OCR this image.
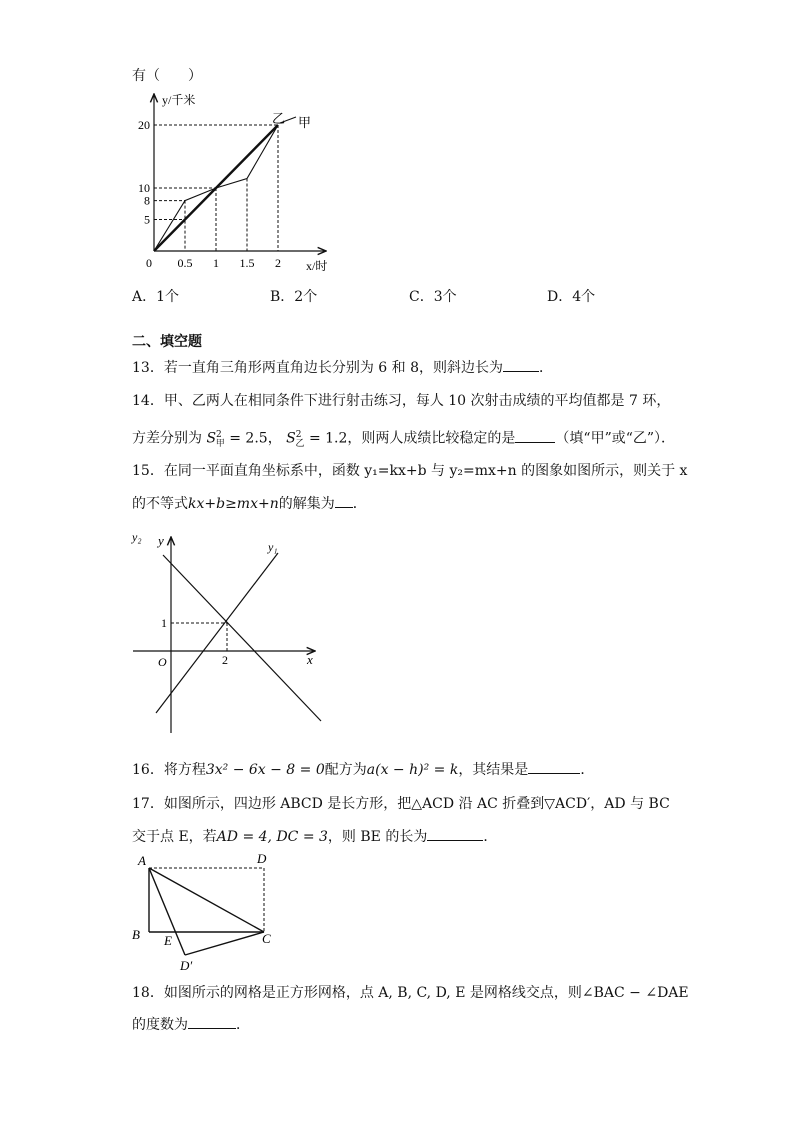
有（　　）
5
8
10
20
0.5 1 1.5 2
乙 甲
0
y/千米
x/时
A．1个	B．2个	C．3个	D．4个
二、填空题
13．若一直角三角形两直角边长分别为 6 和 8，则斜边长为	．
14．甲、乙两人在相同条件下进行射击练习，每人 10 次射击成绩的平均值都是 7 环，
方差分别为 $S^2_甲 = 2.5$， $S^2_乙 = 1.2$，则两人成绩比较稳定的是	（填“甲”或“乙”）．
15．在同一平面直角坐标系中，函数 y₁=kx+b 与 y₂=mx+n 的图象如图所示，则关于 x
的不等式kx+b≥mx+n的解集为 ．
y₂ y	y₁
x
O	2
1
16．将方程3x² − 6x − 8 = 0配方为a(x − h)² = k，其结果是	．
17．如图所示，四边形 ABCD 是长方形，把△ACD 沿 AC 折叠到▽ACD′，AD 与 BC
交于点 E，若AD = 4, DC = 3，则 BE 的长为	．
A	D
B E	C
D′
18．如图所示的网格是正方形网格，点 A, B, C, D, E 是网格线交点，则∠BAC − ∠DAE
的度数为	．
